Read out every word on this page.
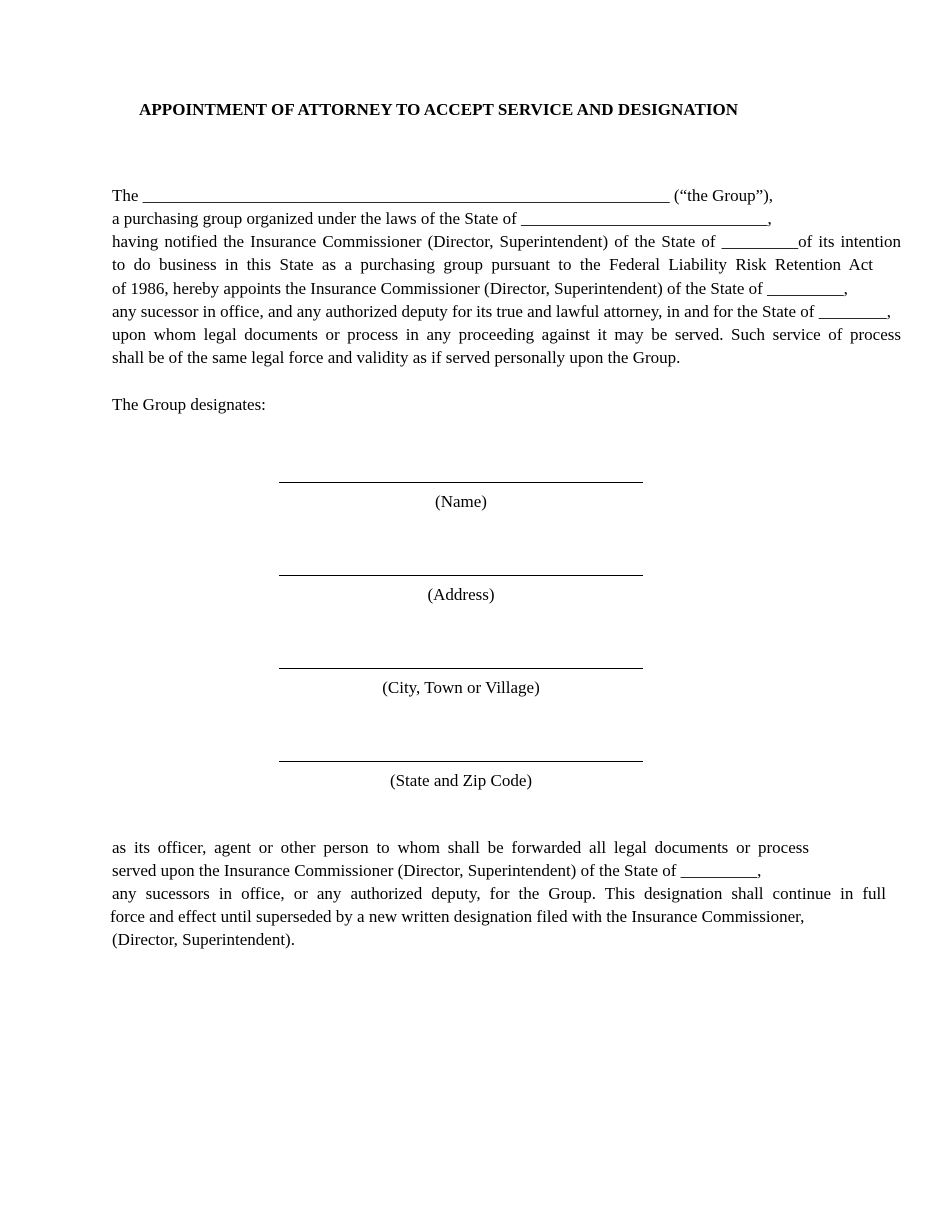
APPOINTMENT OF ATTORNEY TO ACCEPT SERVICE AND DESIGNATION
The ______________________________________________________________ (“the Group”),
a purchasing group organized under the laws of the State of _____________________________,
having notified the Insurance Commissioner (Director, Superintendent) of the State of _________of its intention
to do business in this State as a purchasing group pursuant to the Federal Liability Risk Retention Act
of 1986, hereby appoints the Insurance Commissioner (Director, Superintendent) of the State of _________,
any sucessor in office, and any authorized deputy for its true and lawful attorney, in and for the State of ________,
upon whom legal documents or process in any proceeding against it may be served. Such service of process
shall be of the same legal force and validity as if served personally upon the Group.
The Group designates:
(Name)
(Address)
(City, Town or Village)
(State and Zip Code)
as its officer, agent or other person to whom shall be forwarded all legal documents or process
served upon the Insurance Commissioner (Director, Superintendent) of the State of _________,
any sucessors in office, or any authorized deputy, for the Group. This designation shall continue in full
force and effect until superseded by a new written designation filed with the Insurance Commissioner,
(Director, Superintendent).
